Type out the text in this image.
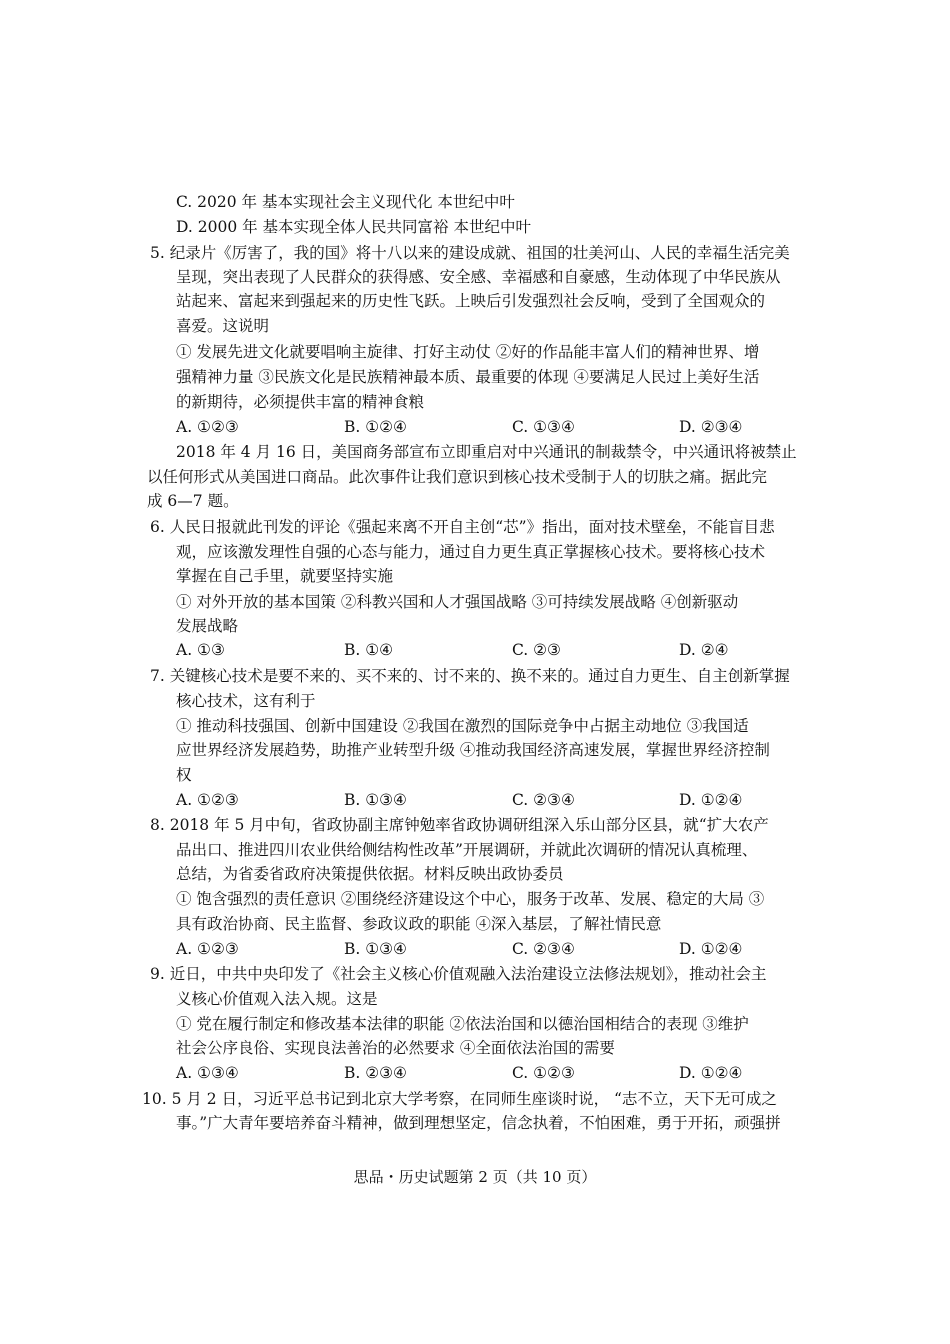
C. 2020 年 基本实现社会主义现代化 本世纪中叶
D. 2000 年 基本实现全体人民共同富裕 本世纪中叶
5. 纪录片《厉害了，我的国》将十八以来的建设成就、祖国的壮美河山、人民的幸福生活完美
呈现，突出表现了人民群众的获得感、安全感、幸福感和自豪感，生动体现了中华民族从
站起来、富起来到强起来的历史性飞跃。上映后引发强烈社会反响，受到了全国观众的
喜爱。这说明
① 发展先进文化就要唱响主旋律、打好主动仗 ②好的作品能丰富人们的精神世界、增
强精神力量 ③民族文化是民族精神最本质、最重要的体现 ④要满足人民过上美好生活
的新期待，必须提供丰富的精神食粮
A. ①②③	B. ①②④	C. ①③④	D. ②③④
2018 年 4 月 16 日，美国商务部宣布立即重启对中兴通讯的制裁禁令，中兴通讯将被禁止
以任何形式从美国进口商品。此次事件让我们意识到核心技术受制于人的切肤之痛。据此完
成 6—7 题。
6. 人民日报就此刊发的评论《强起来离不开自主创“芯”》指出，面对技术壁垒，不能盲目悲
观，应该激发理性自强的心态与能力，通过自力更生真正掌握核心技术。要将核心技术
掌握在自己手里，就要坚持实施
① 对外开放的基本国策 ②科教兴国和人才强国战略 ③可持续发展战略 ④创新驱动
发展战略
A. ①③	B. ①④	C. ②③	D. ②④
7. 关键核心技术是要不来的、买不来的、讨不来的、换不来的。通过自力更生、自主创新掌握
核心技术，这有利于
① 推动科技强国、创新中国建设 ②我国在激烈的国际竞争中占据主动地位 ③我国适
应世界经济发展趋势，助推产业转型升级 ④推动我国经济高速发展，掌握世界经济控制
权
A. ①②③	B. ①③④	C. ②③④	D. ①②④
8. 2018 年 5 月中旬，省政协副主席钟勉率省政协调研组深入乐山部分区县，就“扩大农产
品出口、推进四川农业供给侧结构性改革”开展调研，并就此次调研的情况认真梳理、
总结，为省委省政府决策提供依据。材料反映出政协委员
① 饱含强烈的责任意识 ②围绕经济建设这个中心，服务于改革、发展、稳定的大局 ③
具有政治协商、民主监督、参政议政的职能 ④深入基层，了解社情民意
A. ①②③	B. ①③④	C. ②③④	D. ①②④
9. 近日，中共中央印发了《社会主义核心价值观融入法治建设立法修法规划》，推动社会主
义核心价值观入法入规。这是
① 党在履行制定和修改基本法律的职能 ②依法治国和以德治国相结合的表现 ③维护
社会公序良俗、实现良法善治的必然要求 ④全面依法治国的需要
A. ①③④	B. ②③④	C. ①②③	D. ①②④
10. 5 月 2 日，习近平总书记到北京大学考察，在同师生座谈时说， “志不立，天下无可成之
事。”广大青年要培养奋斗精神，做到理想坚定，信念执着，不怕困难，勇于开拓，顽强拼
思品・历史试题第 2 页（共 10 页）
